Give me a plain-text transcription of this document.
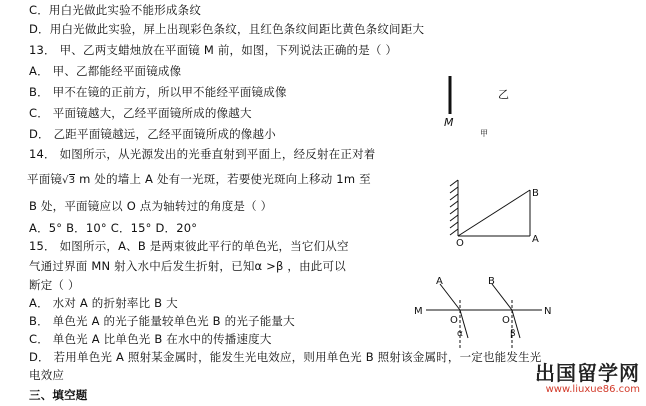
C．用白光做此实验不能形成条纹
D．用白光做此实验，屏上出现彩色条纹，且红色条纹间距比黄色条纹间距大
13． 甲、乙两支蜡烛放在平面镜 M 前，如图，下列说法正确的是（ ）
A． 甲、乙都能经平面镜成像
B． 甲不在镜的正前方，所以甲不能经平面镜成像
C． 平面镜越大，乙经平面镜所成的像越大
D． 乙距平面镜越远，乙经平面镜所成的像越小
14． 如图所示，从光源发出的光垂直射到平面上，经反射在正对着
平面镜√3 m 处的墙上 A 处有一光斑，若要使光斑向上移动 1m 至
B 处，平面镜应以 O 点为轴转过的角度是（ ）
A．5° B．10° C．15° D．20°
15． 如图所示，A、B 是两束彼此平行的单色光，当它们从空
气通过界面 MN 射入水中后发生折射，已知α >β ，由此可以
断定（ ）
A． 水对 A 的折射率比 B 大
B． 单色光 A 的光子能量较单色光 B 的光子能量大
C． 单色光 A 比单色光 B 在水中的传播速度大
D． 若用单色光 A 照射某金属时，能发生光电效应，则用单色光 B 照射该金属时，一定也能发生光
电效应
三、填空题
M
乙
甲
B
A
O
M	N
A
O
α
B
O
β
出国留学网
www.liuxue86.com
